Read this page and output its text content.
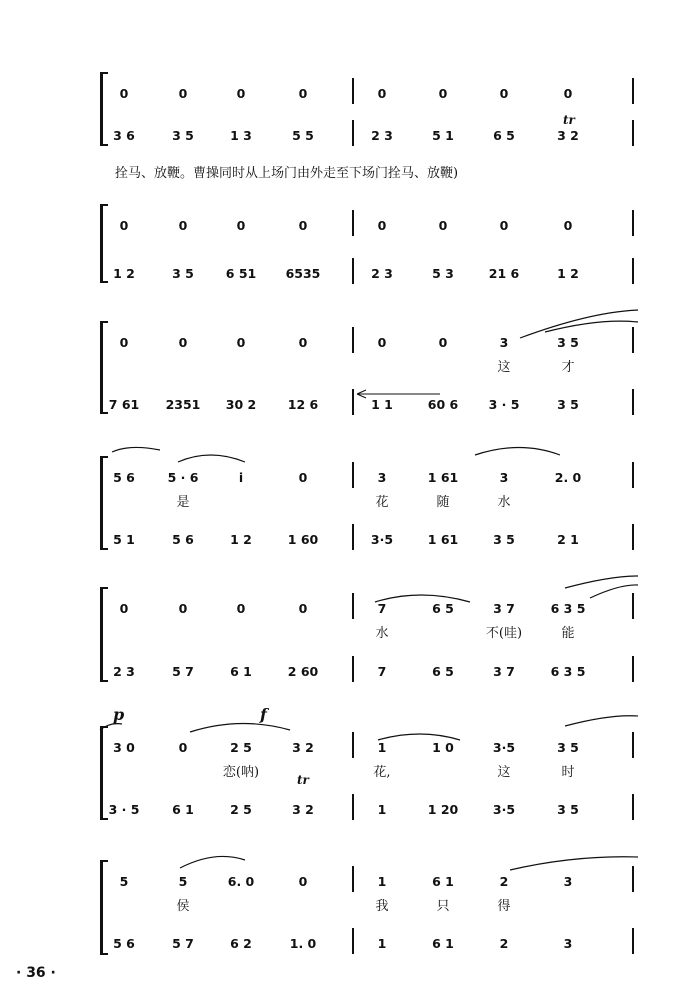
0	0	0	0	0	0	0	0
3 6	3 5	1 3	5 5	2 3	5 1	6 5	3 2
0	0	0	0	0	0	0	0
1 2	3 5	6 51	6535	2 3	5 3	21 6	1 2
0	0	0	0	0	0	3	3 5
这	才
7 61	2351	30 2	12 6	1 1	60 6	3 · 5	3 5
5 6	5 · 6	i	0	3	1 61	3	2. 0
是	花	随	水
5 1	5 6	1 2	1 60	3·5	1 61	3 5	2 1
0	0	0	0	7	6 5	3 7	6 3 5
水	不(哇)	能
2 3	5 7	6 1	2 60	7	6 5	3 7	6 3 5
3 0	0	2 5	3 2	1	1 0	3·5	3 5
恋(呐)	花,	这	时
3 · 5	6 1	2 5	3 2	1	1 20	3·5	3 5
5	5	6. 0	0	1	6 1	2	3
侯	我	只	得
5 6	5 7	6 2	1. 0	1	6 1	2	3
拴马、放鞭。曹操同时从上场门由外走至下场门拴马、放鞭)
· 36 ·
p	f
tr
tr
